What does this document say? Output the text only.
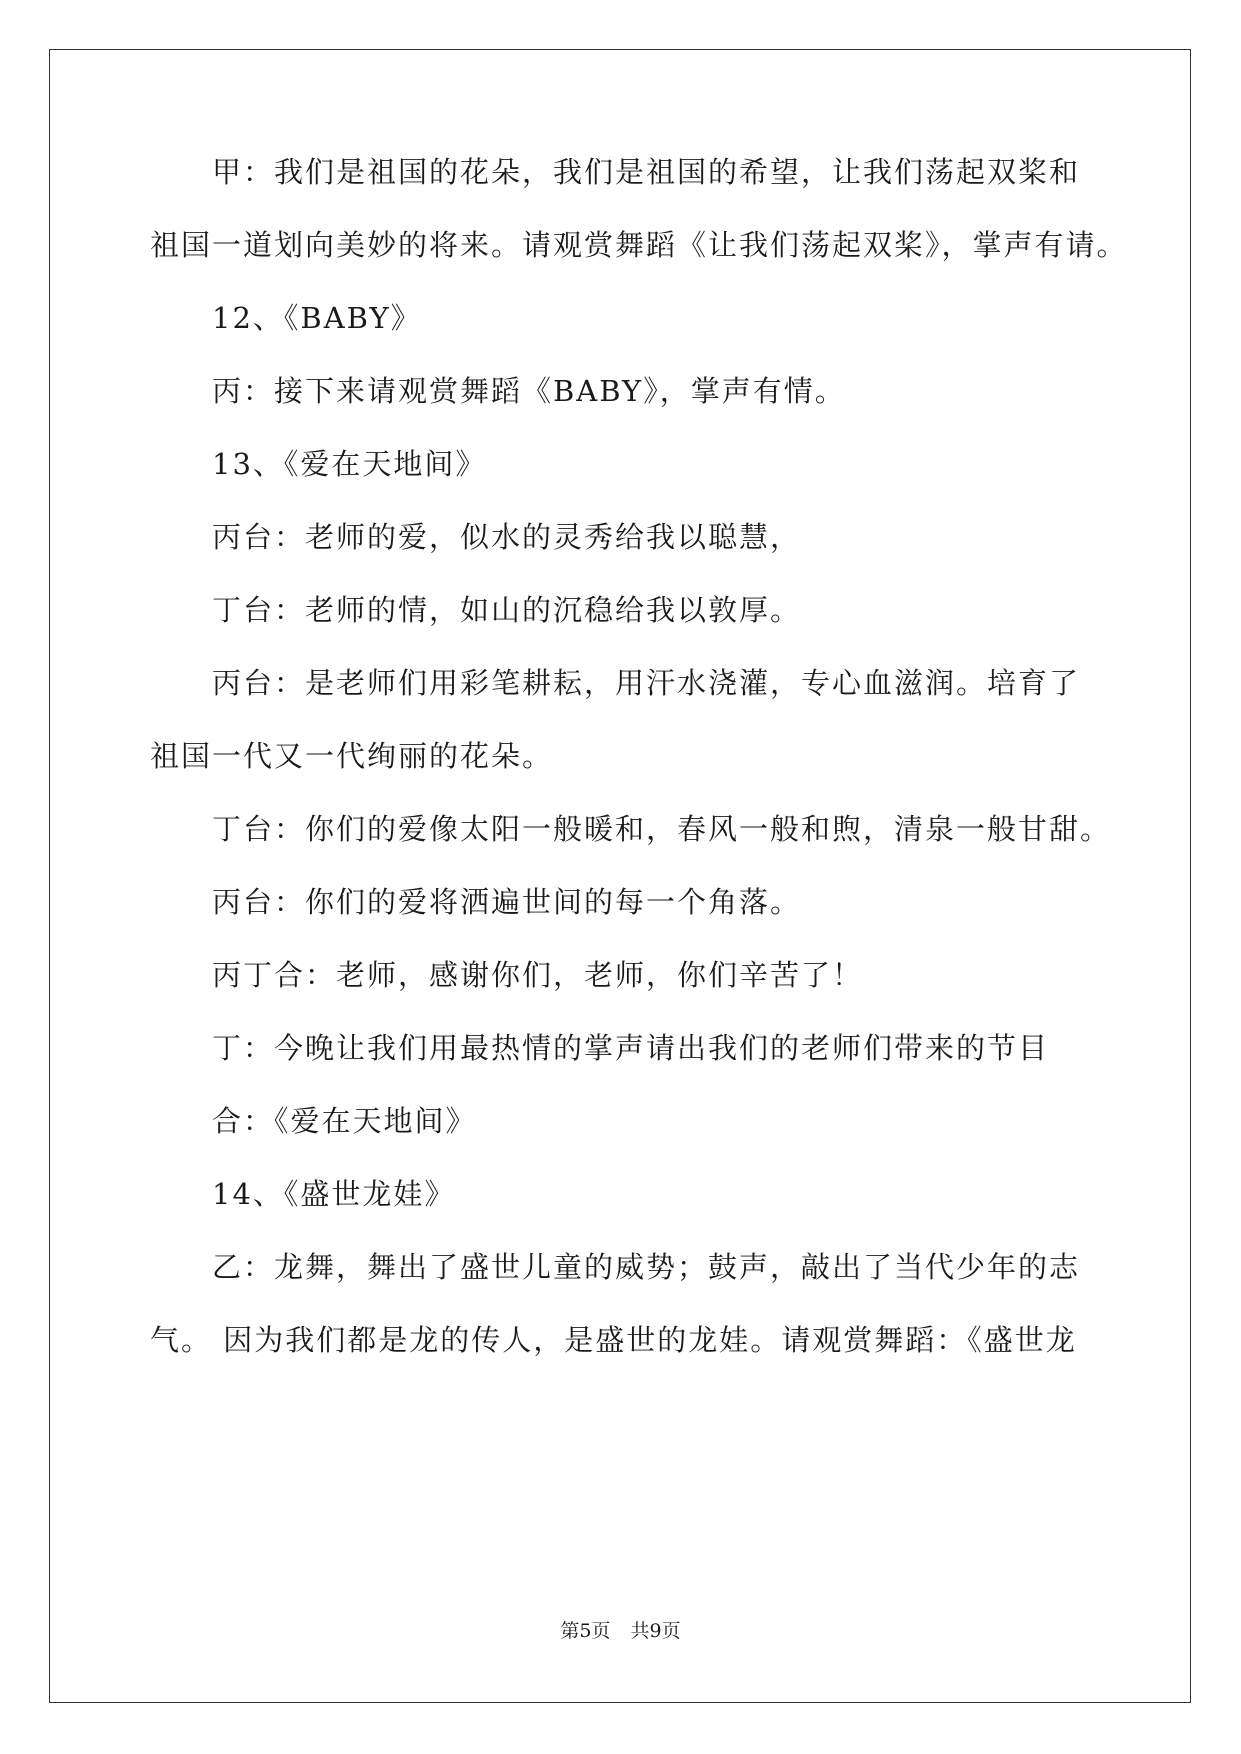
甲：我们是祖国的花朵，我们是祖国的希望，让我们荡起双桨和
祖国一道划向美妙的将来。请观赏舞蹈《让我们荡起双桨》，掌声有请。
12、《BABY》
丙：接下来请观赏舞蹈《BABY》，掌声有情。
13、《爱在天地间》
丙台：老师的爱，似水的灵秀给我以聪慧，
丁台：老师的情，如山的沉稳给我以敦厚。
丙台：是老师们用彩笔耕耘，用汗水浇灌，专心血滋润。培育了
祖国一代又一代绚丽的花朵。
丁台：你们的爱像太阳一般暖和，春风一般和煦，清泉一般甘甜。
丙台：你们的爱将洒遍世间的每一个角落。
丙丁合：老师，感谢你们，老师，你们辛苦了！
丁：今晚让我们用最热情的掌声请出我们的老师们带来的节目
合：《爱在天地间》
14、《盛世龙娃》
乙：龙舞，舞出了盛世儿童的威势；鼓声，敲出了当代少年的志
气。 因为我们都是龙的传人，是盛世的龙娃。请观赏舞蹈：《盛世龙
第5页 共9页
